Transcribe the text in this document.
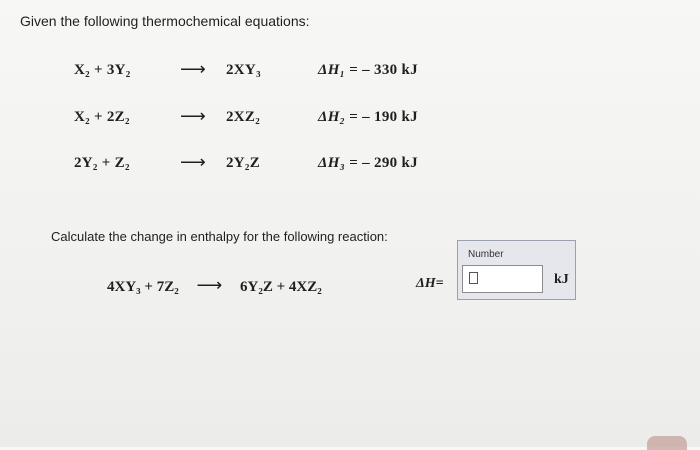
Given the following thermochemical equations:
X₂ + 3Y₂	⟶ 2XY₃	ΔH₁ = – 330 kJ
X₂ + 2Z₂	⟶ 2XZ₂	ΔH₂ = – 190 kJ
2Y₂ + Z₂	⟶ 2Y₂Z	ΔH₃ = – 290 kJ
Calculate the change in enthalpy for the following reaction:
4XY₃ + 7Z₂ ⟶ 6Y₂Z + 4XZ₂	ΔH=
Number
kJ
